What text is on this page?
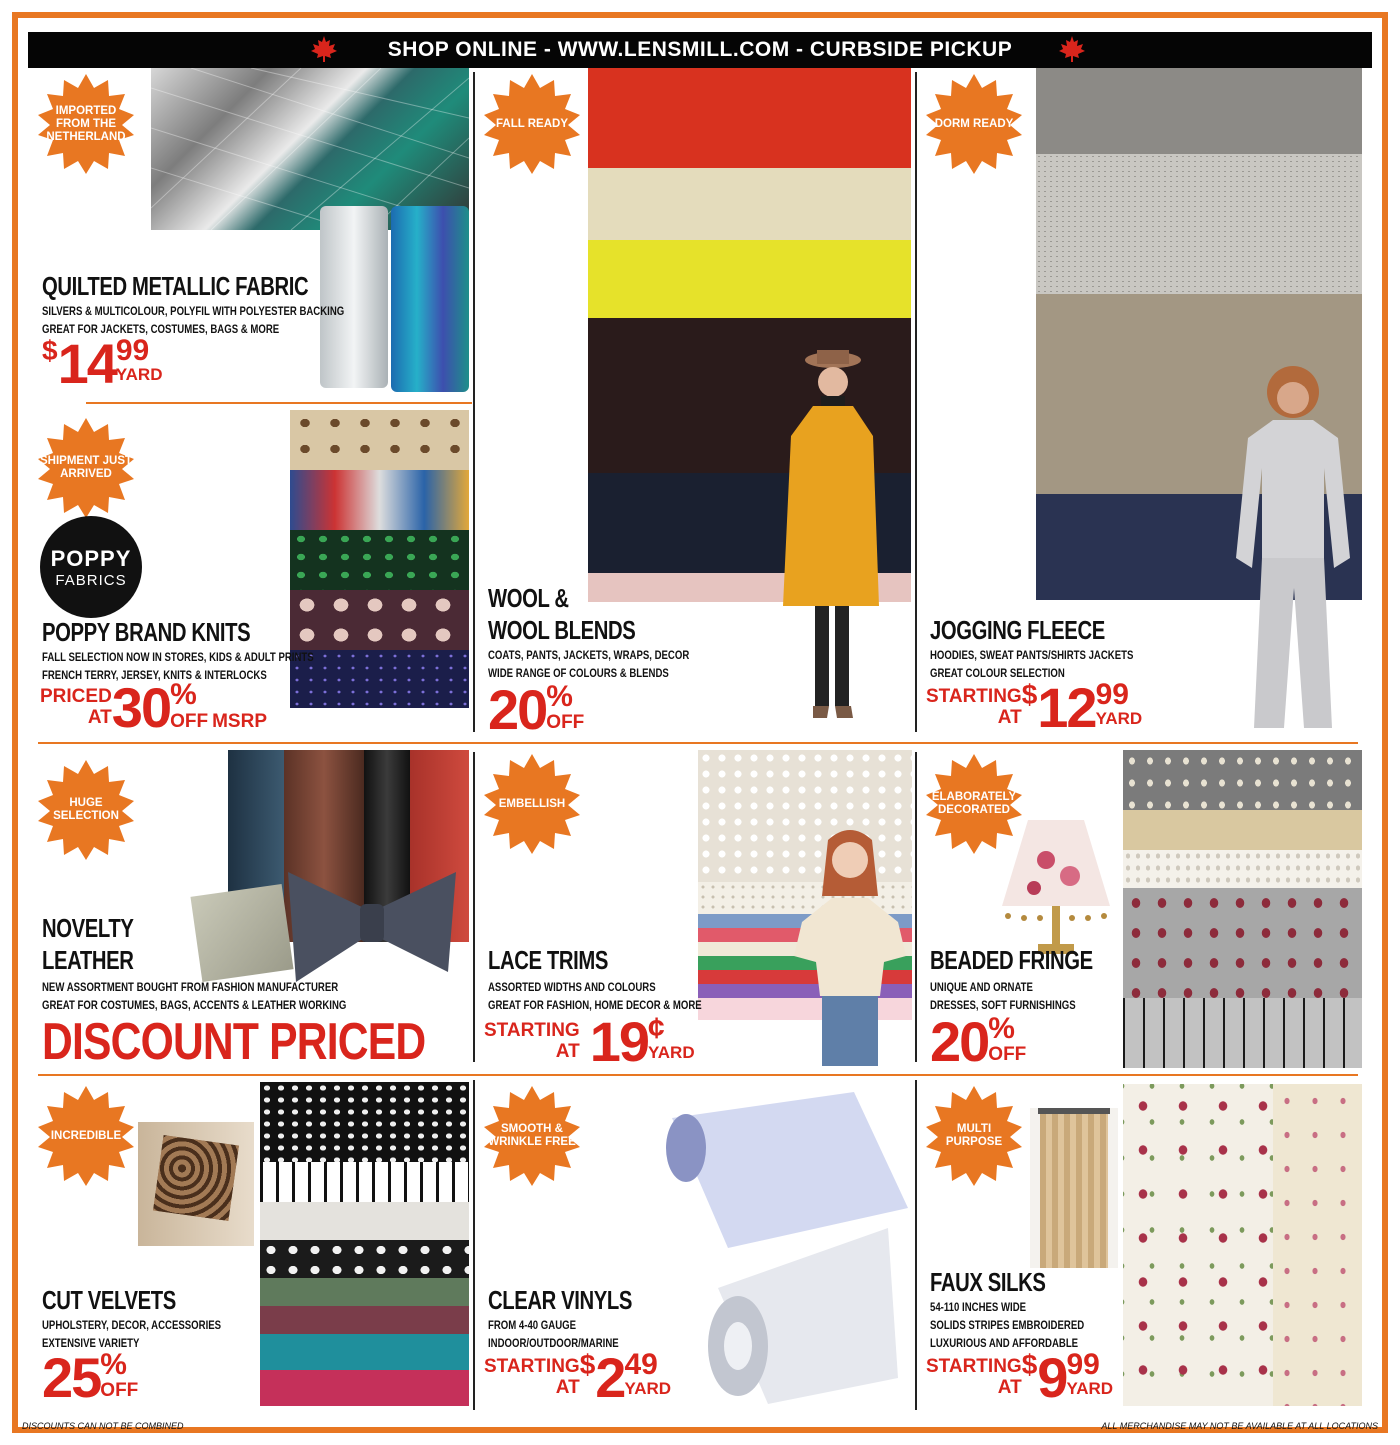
SHOP ONLINE - WWW.LENSMILL.COM - CURBSIDE PICKUP
IMPORTED FROM THE NETHERLAND
QUILTED METALLIC FABRIC
SILVERS & MULTICOLOUR, POLYFIL WITH POLYESTER BACKING
GREAT FOR JACKETS, COSTUMES, BAGS & MORE
$14 99
YARD
SHIPMENT JUST ARRIVED
POPPY
FABRICS
POPPY BRAND KNITS
FALL SELECTION NOW IN STORES, KIDS & ADULT PRINTS
FRENCH TERRY, JERSEY, KNITS & INTERLOCKS
PRICED
AT 30 %
OFF MSRP
FALL READY
WOOL &
WOOL BLENDS
COATS, PANTS, JACKETS, WRAPS, DECOR
WIDE RANGE OF COLOURS & BLENDS
20 %
OFF
DORM READY
JOGGING FLEECE
HOODIES, SWEAT PANTS/SHIRTS JACKETS
GREAT COLOUR SELECTION
STARTING
AT
$12 99
YARD
HUGE SELECTION
NOVELTY
LEATHER
NEW ASSORTMENT BOUGHT FROM FASHION MANUFACTURER
GREAT FOR COSTUMES, BAGS, ACCENTS & LEATHER WORKING
DISCOUNT PRICED
EMBELLISH
LACE TRIMS
ASSORTED WIDTHS AND COLOURS
GREAT FOR FASHION, HOME DECOR & MORE
STARTING
AT 19 ¢
YARD
ELABORATELY DECORATED
BEADED FRINGE
UNIQUE AND ORNATE
DRESSES, SOFT FURNISHINGS
20 %
OFF
INCREDIBLE
CUT VELVETS
UPHOLSTERY, DECOR, ACCESSORIES
EXTENSIVE VARIETY
25 %
OFF
SMOOTH & WRINKLE FREE
CLEAR VINYLS
FROM 4-40 GAUGE
INDOOR/OUTDOOR/MARINE
STARTING
AT
$2 49
YARD
MULTI PURPOSE
FAUX SILKS
54-110 INCHES WIDE
SOLIDS STRIPES EMBROIDERED
LUXURIOUS AND AFFORDABLE
STARTING
AT
$9 99
YARD
DISCOUNTS CAN NOT BE COMBINED	ALL MERCHANDISE MAY NOT BE AVAILABLE AT ALL LOCATIONS
